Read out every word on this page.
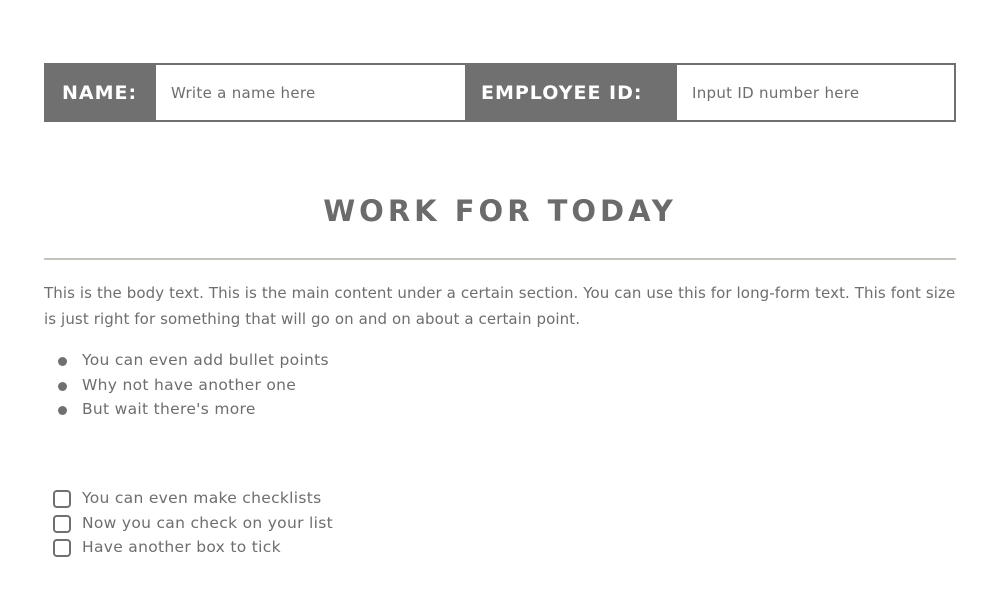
NAME:	Write a name here	EMPLOYEE ID:	Input ID number here
WORK FOR TODAY
This is the body text. This is the main content under a certain section. You can use this for long-form text. This font size is just right for something that will go on and on about a certain point.
You can even add bullet points
Why not have another one
But wait there's more
You can even make checklists
Now you can check on your list
Have another box to tick
